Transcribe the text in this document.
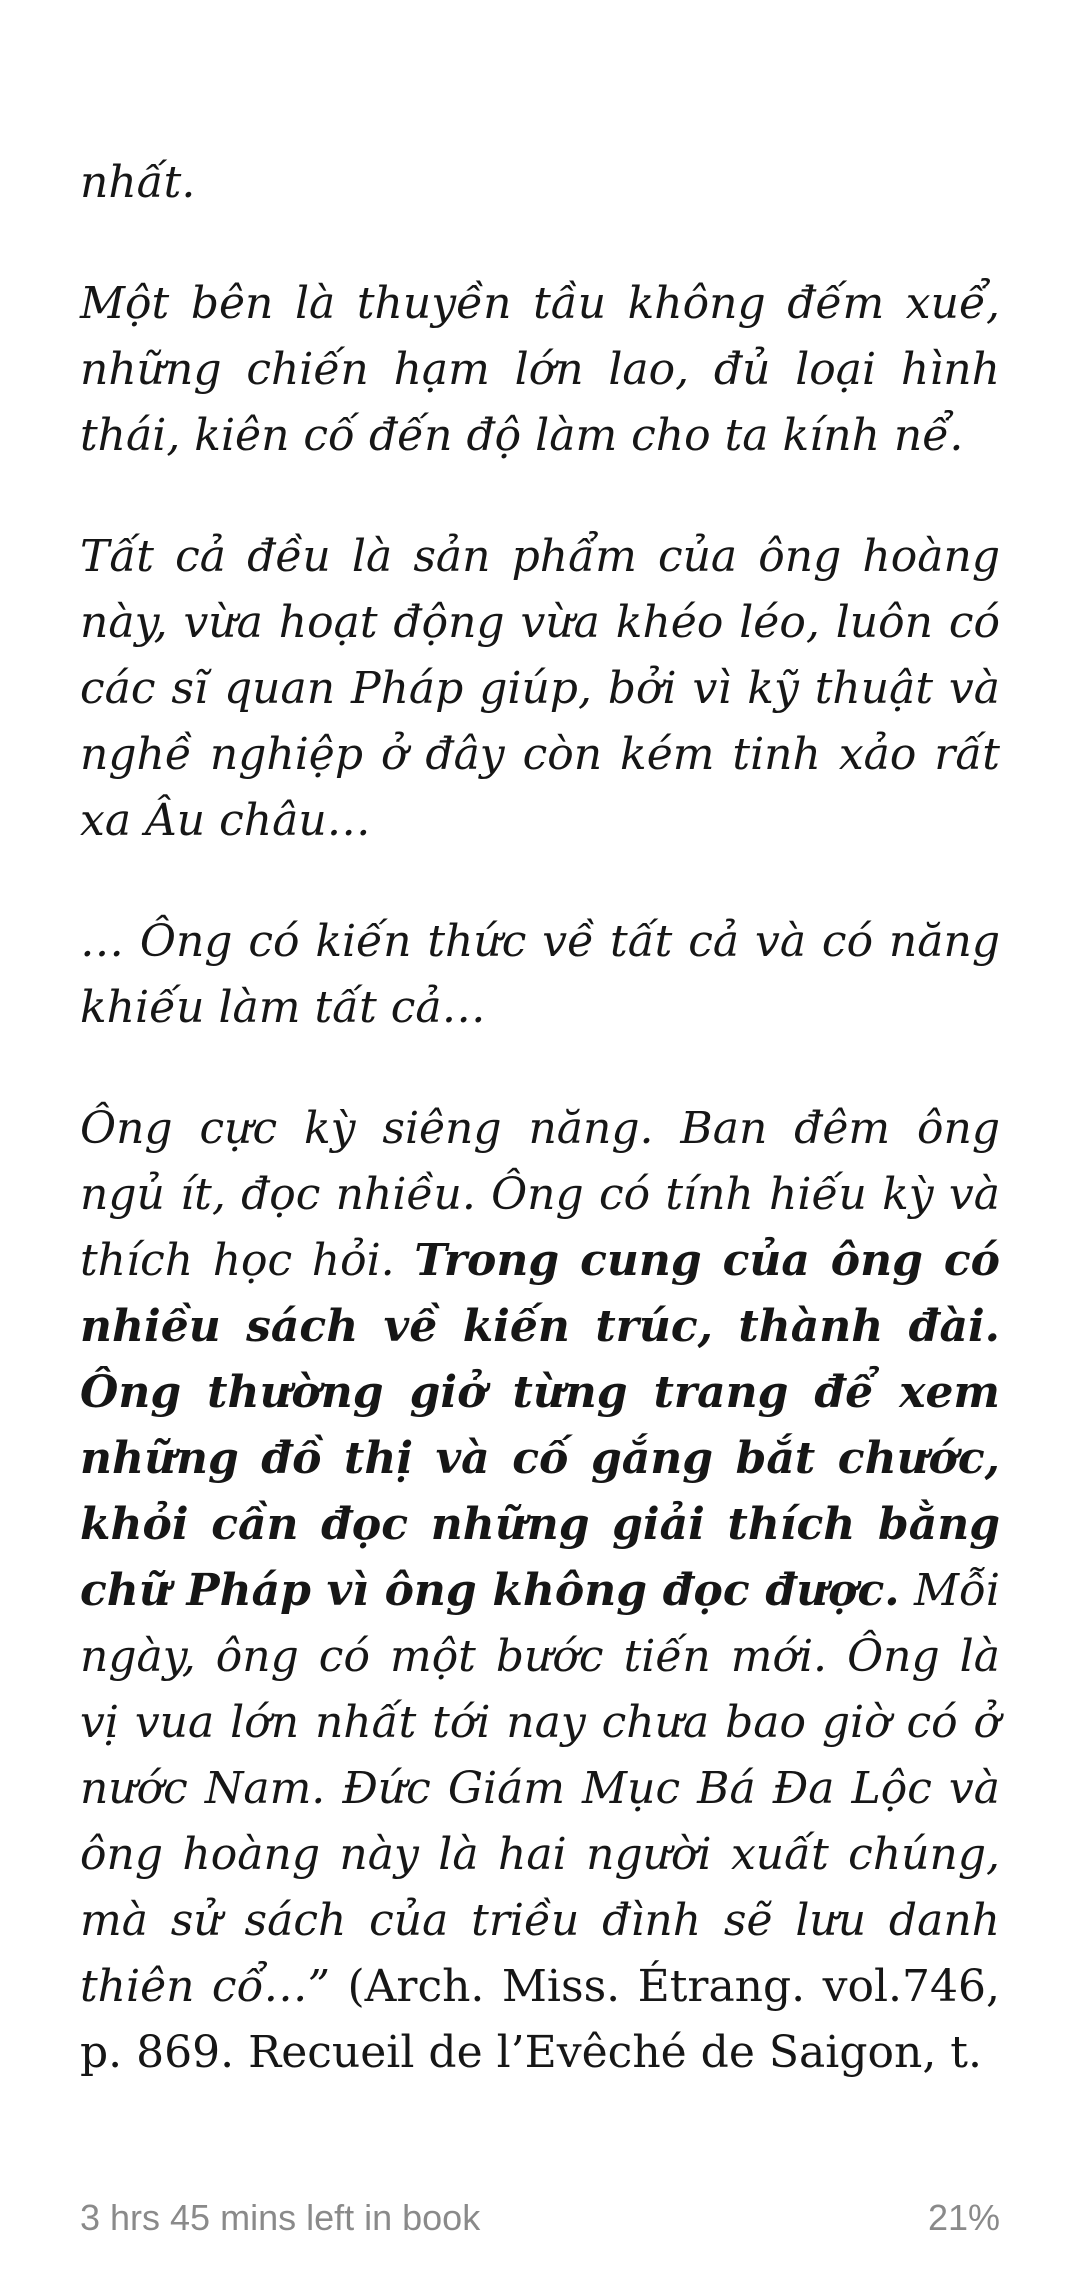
nhất.

Một bên là thuyền tầu không đếm xuể, những chiến hạm lớn lao, đủ loại hình thái, kiên cố đến độ làm cho ta kính nể.

Tất cả đều là sản phẩm của ông hoàng này, vừa hoạt động vừa khéo léo, luôn có các sĩ quan Pháp giúp, bởi vì kỹ thuật và nghề nghiệp ở đây còn kém tinh xảo rất xa Âu châu…

… Ông có kiến thức về tất cả và có năng khiếu làm tất cả…

Ông cực kỳ siêng năng. Ban đêm ông ngủ ít, đọc nhiều. Ông có tính hiếu kỳ và thích học hỏi. Trong cung của ông có nhiều sách về kiến trúc, thành đài. Ông thường giở từng trang để xem những đồ thị và cố gắng bắt chước, khỏi cần đọc những giải thích bằng chữ Pháp vì ông không đọc được. Mỗi ngày, ông có một bước tiến mới. Ông là vị vua lớn nhất tới nay chưa bao giờ có ở nước Nam. Đức Giám Mục Bá Đa Lộc và ông hoàng này là hai người xuất chúng, mà sử sách của triều đình sẽ lưu danh thiên cổ…” (Arch. Miss. Étrang. vol.746, p. 869. Recueil de l’Evêché de Saigon, t.

3 hrs 45 mins left in book	21%
